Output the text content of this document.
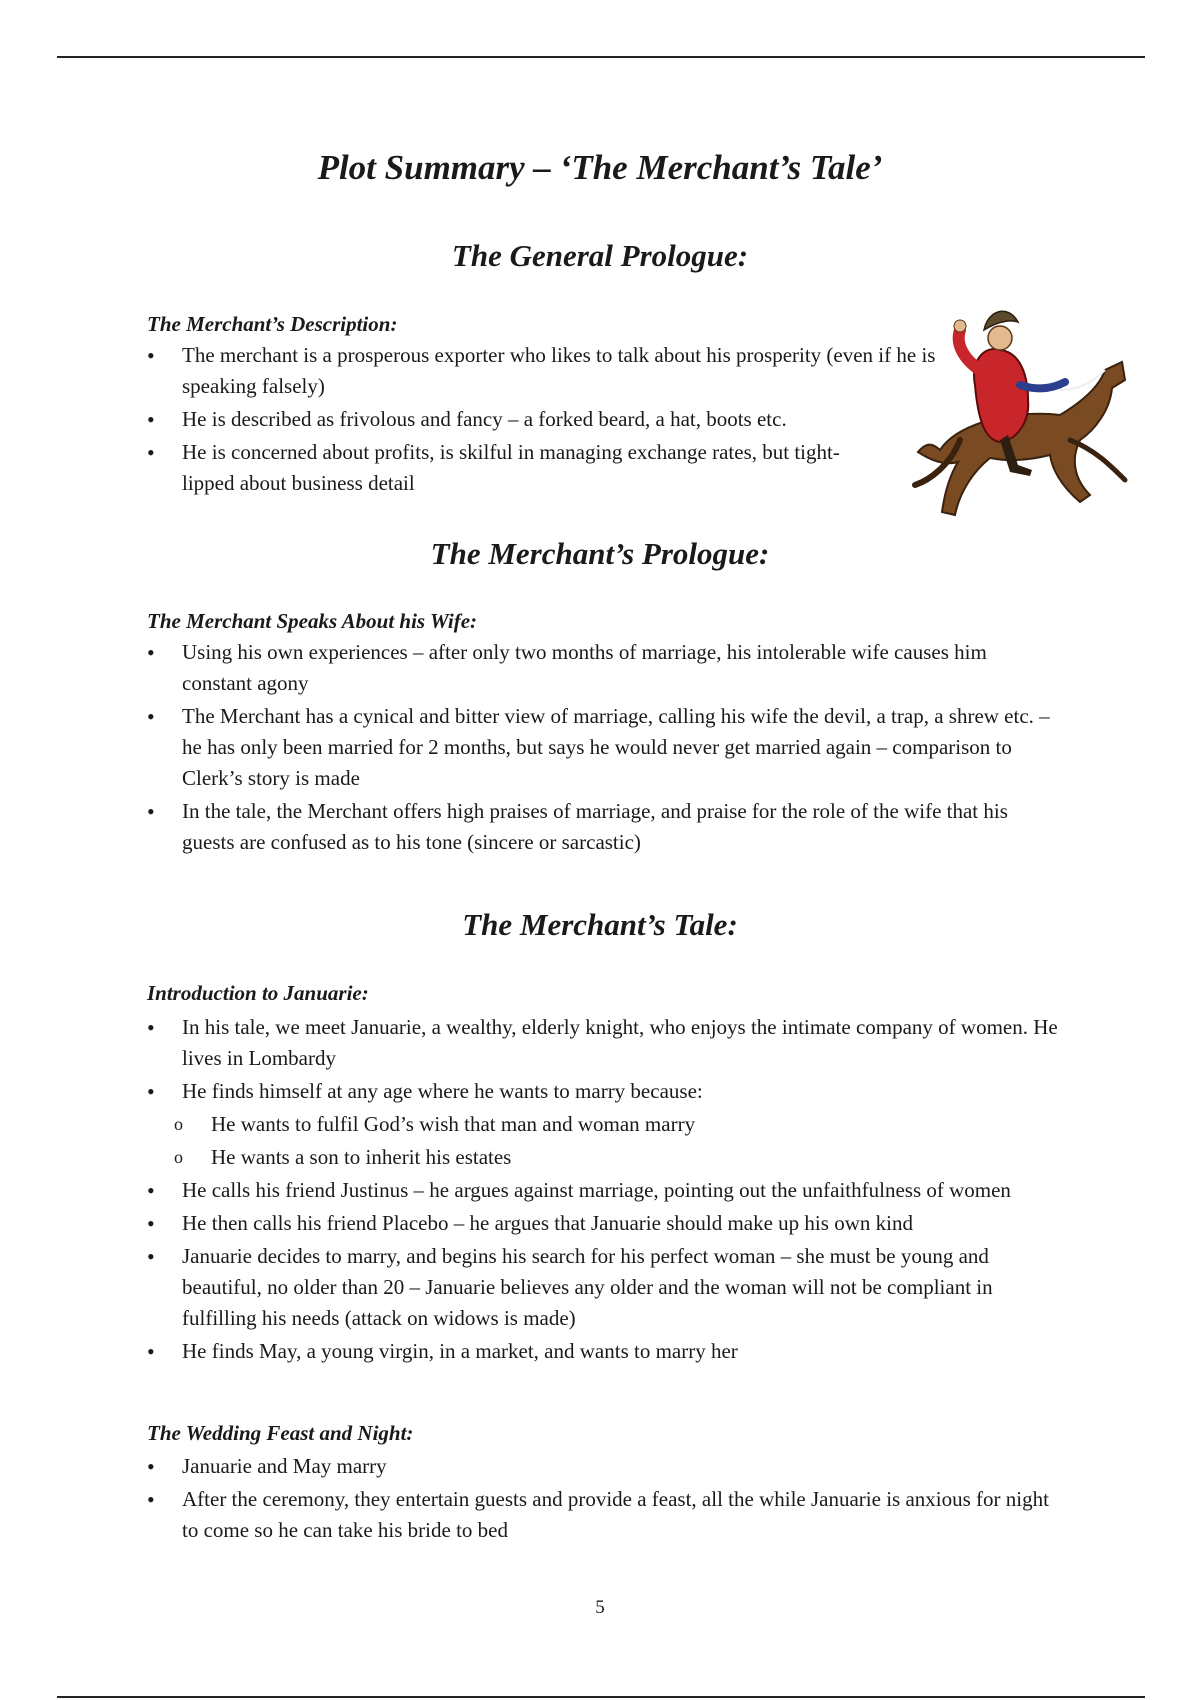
Plot Summary – ‘The Merchant’s Tale’
The General Prologue:

The Merchant’s Description:

• The merchant is a prosperous exporter who likes to talk about his prosperity (even if he is speaking falsely)
• He is described as frivolous and fancy – a forked beard, a hat, boots etc.
• He is concerned about profits, is skilful in managing exchange rates, but tight-lipped about business detail
The Merchant’s Prologue:

The Merchant Speaks About his Wife:

• Using his own experiences – after only two months of marriage, his intolerable wife causes him constant agony
• The Merchant has a cynical and bitter view of marriage, calling his wife the devil, a trap, a shrew etc. – he has only been married for 2 months, but says he would never get married again – comparison to Clerk’s story is made
• In the tale, the Merchant offers high praises of marriage, and praise for the role of the wife that his guests are confused as to his tone (sincere or sarcastic)
The Merchant’s Tale:

Introduction to Januarie:

• In his tale, we meet Januarie, a wealthy, elderly knight, who enjoys the intimate company of women. He lives in Lombardy
• He finds himself at any age where he wants to marry because:
o He wants to fulfil God’s wish that man and woman marry
o He wants a son to inherit his estates
• He calls his friend Justinus – he argues against marriage, pointing out the unfaithfulness of women
• He then calls his friend Placebo – he argues that Januarie should make up his own kind
• Januarie decides to marry, and begins his search for his perfect woman – she must be young and beautiful, no older than 20 – Januarie believes any older and the woman will not be compliant in fulfilling his needs (attack on widows is made)
• He finds May, a young virgin, in a market, and wants to marry her

The Wedding Feast and Night:

• Januarie and May marry
• After the ceremony, they entertain guests and provide a feast, all the while Januarie is anxious for night to come so he can take his bride to bed

5
